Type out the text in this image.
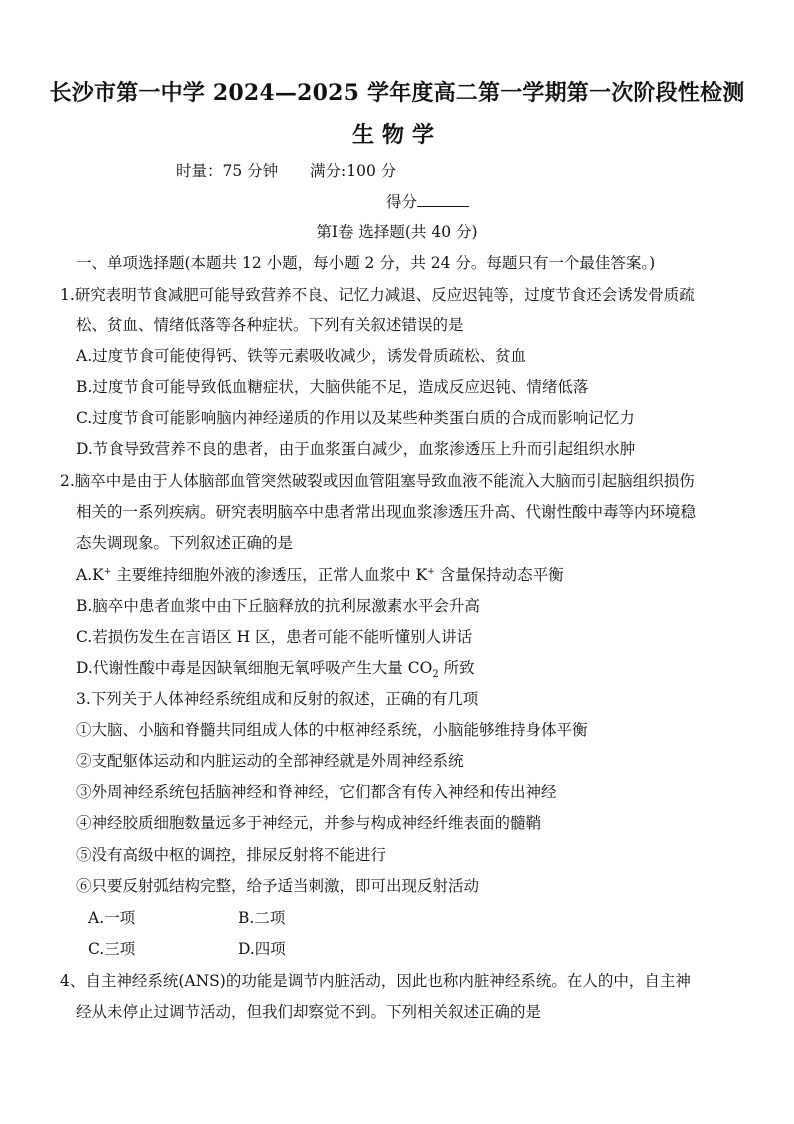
长沙市第一中学 2024—2025 学年度高二第一学期第一次阶段性检测
生物学
时量：75 分钟 满分:100 分
得分
第Ⅰ卷 选择题(共 40 分)
一、单项选择题(本题共 12 小题，每小题 2 分，共 24 分。每题只有一个最佳答案。)
1.研究表明节食减肥可能导致营养不良、记忆力减退、反应迟钝等，过度节食还会诱发骨质疏
松、贫血、情绪低落等各种症状。下列有关叙述错误的是
A.过度节食可能使得钙、铁等元素吸收减少，诱发骨质疏松、贫血
B.过度节食可能导致低血糖症状，大脑供能不足，造成反应迟钝、情绪低落
C.过度节食可能影响脑内神经递质的作用以及某些种类蛋白质的合成而影响记忆力
D.节食导致营养不良的患者，由于血浆蛋白减少，血浆渗透压上升而引起组织水肿
2.脑卒中是由于人体脑部血管突然破裂或因血管阻塞导致血液不能流入大脑而引起脑组织损伤
相关的一系列疾病。研究表明脑卒中患者常出现血浆渗透压升高、代谢性酸中毒等内环境稳
态失调现象。下列叙述正确的是
A.K+ 主要维持细胞外液的渗透压，正常人血浆中 K+ 含量保持动态平衡
B.脑卒中患者血浆中由下丘脑释放的抗利尿激素水平会升高
C.若损伤发生在言语区 H 区，患者可能不能听懂别人讲话
D.代谢性酸中毒是因缺氧细胞无氧呼吸产生大量 $CO_2$ 所致
3.下列关于人体神经系统组成和反射的叙述，正确的有几项
①大脑、小脑和脊髓共同组成人体的中枢神经系统，小脑能够维持身体平衡
②支配躯体运动和内脏运动的全部神经就是外周神经系统
③外周神经系统包括脑神经和脊神经，它们都含有传入神经和传出神经
④神经胶质细胞数量远多于神经元，并参与构成神经纤维表面的髓鞘
⑤没有高级中枢的调控，排尿反射将不能进行
⑥只要反射弧结构完整，给予适当刺激，即可出现反射活动
A.一项	B.二项
C.三项	D.四项
4、自主神经系统(ANS)的功能是调节内脏活动，因此也称内脏神经系统。在人的中，自主神
经从未停止过调节活动，但我们却察觉不到。下列相关叙述正确的是
